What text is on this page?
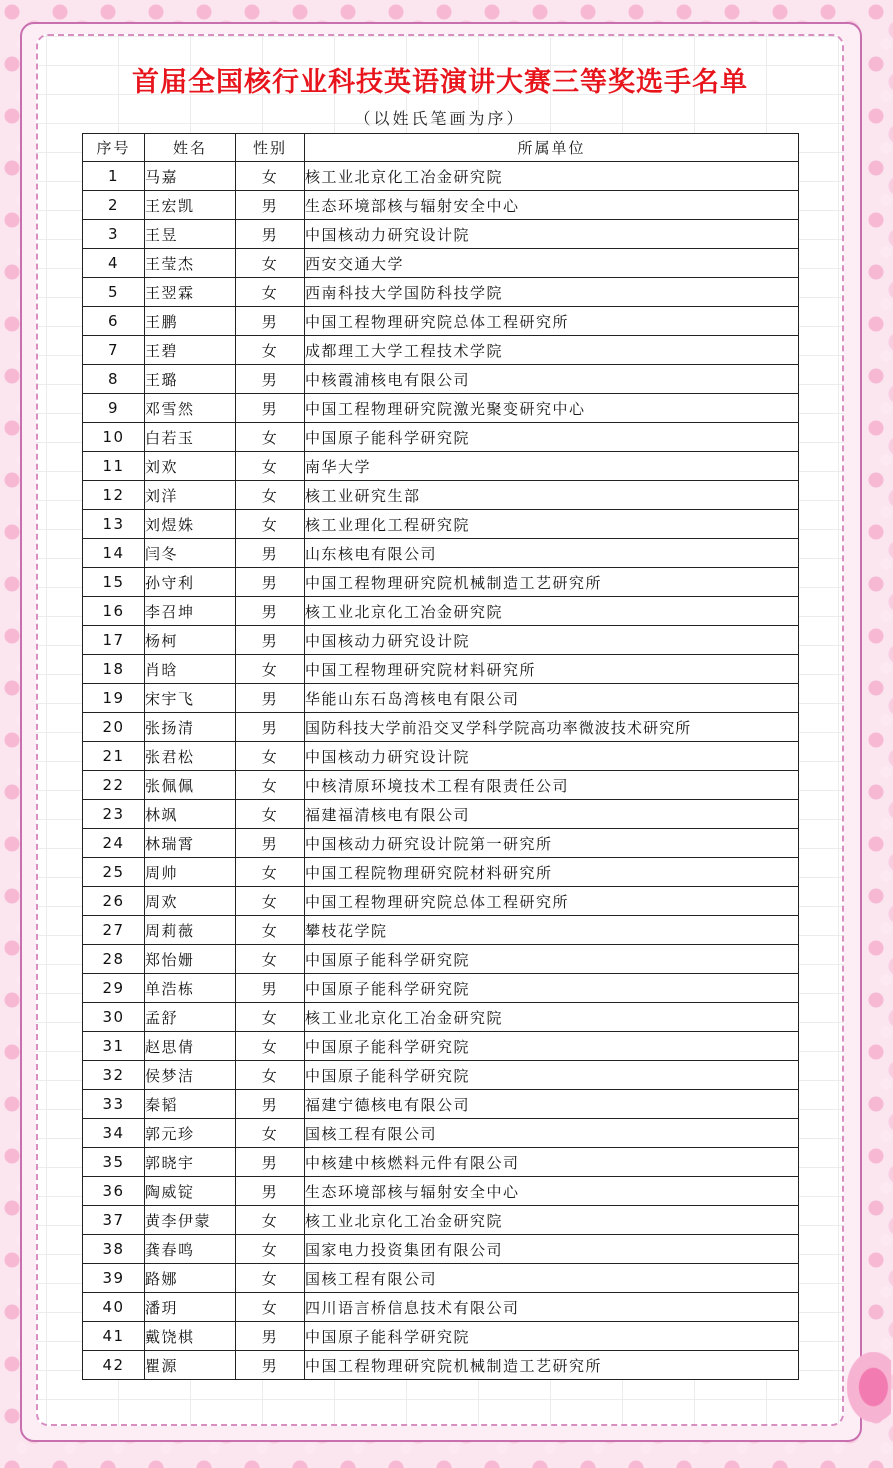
首届全国核行业科技英语演讲大赛三等奖选手名单
（以姓氏笔画为序）
序号	姓名	性别	所属单位
1	马嘉	女	核工业北京化工冶金研究院
2	王宏凯	男	生态环境部核与辐射安全中心
3	王昱	男	中国核动力研究设计院
4	王莹杰	女	西安交通大学
5	王翌霖	女	西南科技大学国防科技学院
6	王鹏	男	中国工程物理研究院总体工程研究所
7	王碧	女	成都理工大学工程技术学院
8	王璐	男	中核霞浦核电有限公司
9	邓雪然	男	中国工程物理研究院激光聚变研究中心
10	白若玉	女	中国原子能科学研究院
11	刘欢	女	南华大学
12	刘洋	女	核工业研究生部
13	刘煜姝	女	核工业理化工程研究院
14	闫冬	男	山东核电有限公司
15	孙守利	男	中国工程物理研究院机械制造工艺研究所
16	李召坤	男	核工业北京化工冶金研究院
17	杨柯	男	中国核动力研究设计院
18	肖晗	女	中国工程物理研究院材料研究所
19	宋宇飞	男	华能山东石岛湾核电有限公司
20	张扬清	男	国防科技大学前沿交叉学科学院高功率微波技术研究所
21	张君松	女	中国核动力研究设计院
22	张佩佩	女	中核清原环境技术工程有限责任公司
23	林飒	女	福建福清核电有限公司
24	林瑞霄	男	中国核动力研究设计院第一研究所
25	周帅	女	中国工程院物理研究院材料研究所
26	周欢	女	中国工程物理研究院总体工程研究所
27	周莉薇	女	攀枝花学院
28	郑怡姗	女	中国原子能科学研究院
29	单浩栋	男	中国原子能科学研究院
30	孟舒	女	核工业北京化工冶金研究院
31	赵思倩	女	中国原子能科学研究院
32	侯梦洁	女	中国原子能科学研究院
33	秦韬	男	福建宁德核电有限公司
34	郭元珍	女	国核工程有限公司
35	郭晓宇	男	中核建中核燃料元件有限公司
36	陶威锭	男	生态环境部核与辐射安全中心
37	黄李伊蒙	女	核工业北京化工冶金研究院
38	龚春鸣	女	国家电力投资集团有限公司
39	路娜	女	国核工程有限公司
40	潘玥	女	四川语言桥信息技术有限公司
41	戴饶棋	男	中国原子能科学研究院
42	瞿源	男	中国工程物理研究院机械制造工艺研究所
